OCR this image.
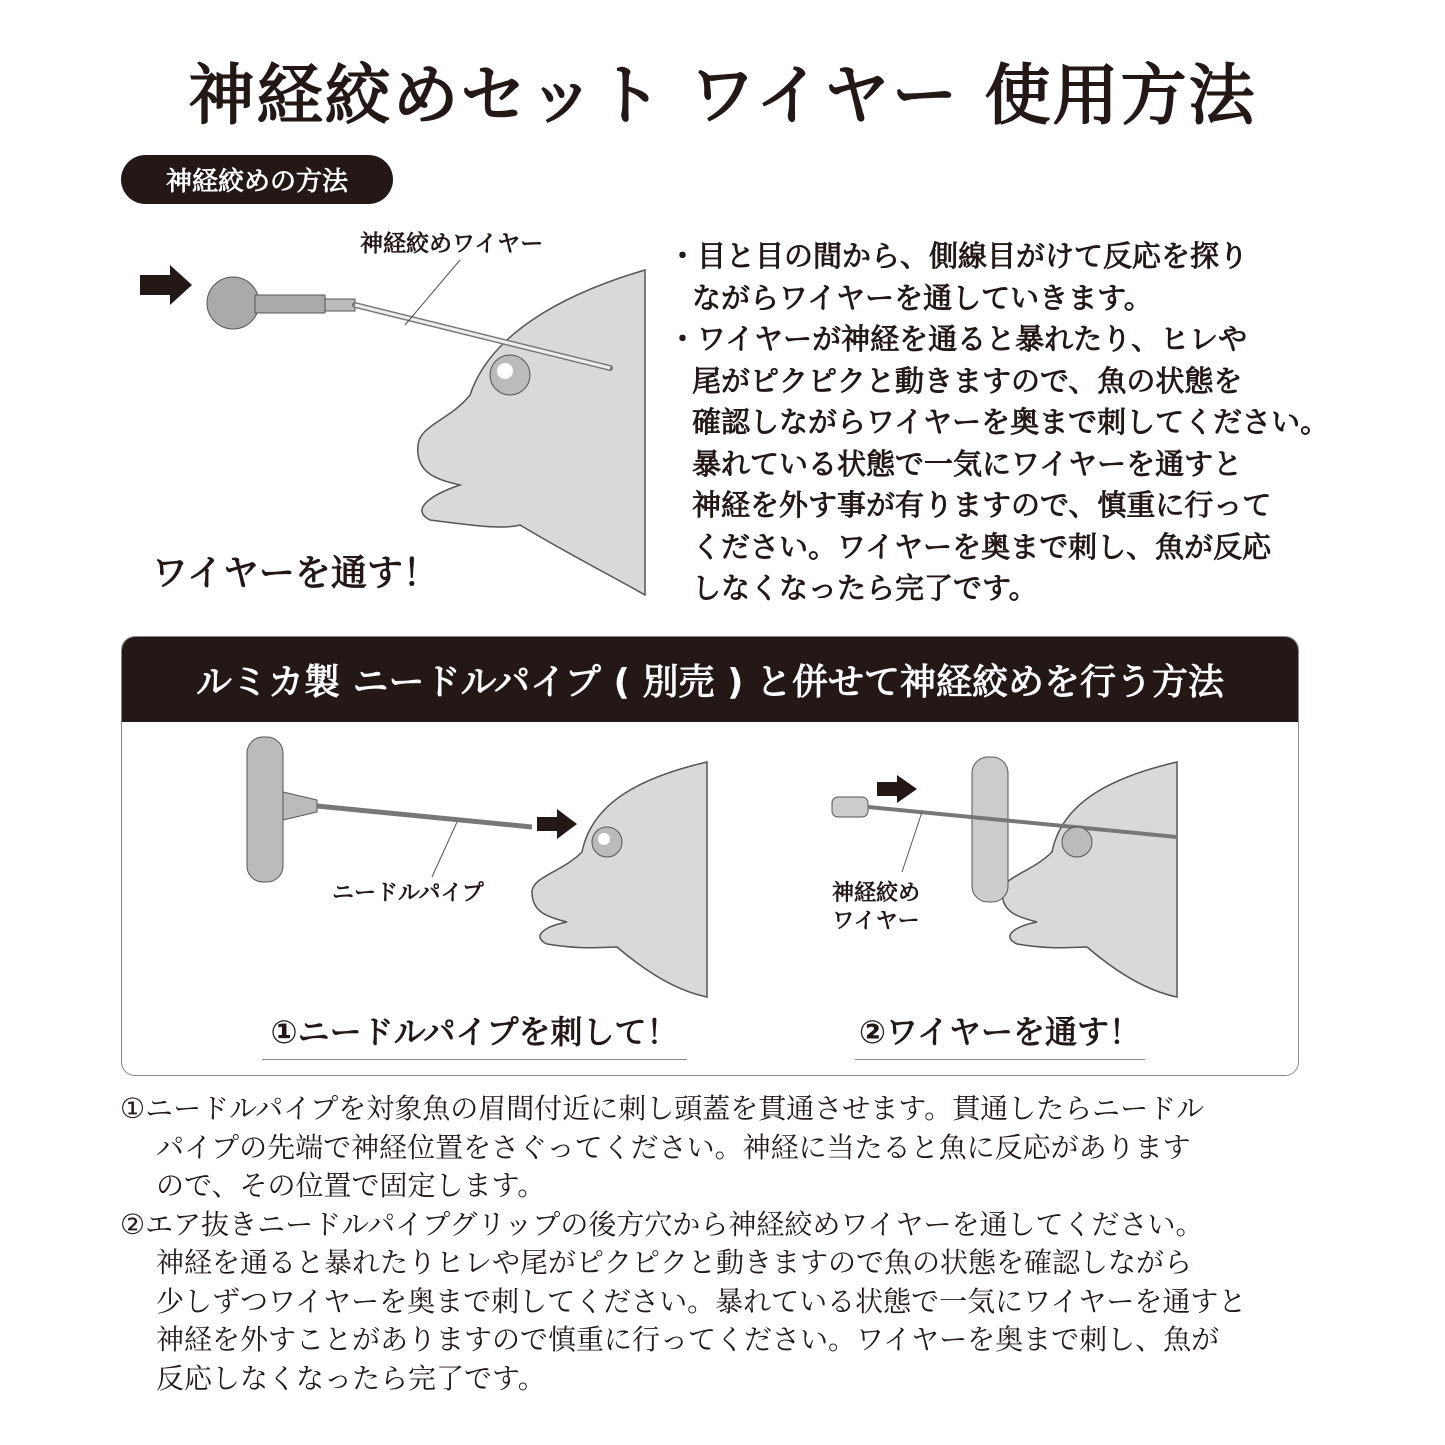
神経絞めセット ワイヤー 使用方法
神経絞めの方法
神経絞めワイヤー
ワイヤーを通す！
・目と目の間から、側線目がけて反応を探り
ながらワイヤーを通していきます。
・ワイヤーが神経を通ると暴れたり、ヒレや
尾がピクピクと動きますので、魚の状態を
確認しながらワイヤーを奥まで刺してください。
暴れている状態で一気にワイヤーを通すと
神経を外す事が有りますので、慎重に行って
ください。ワイヤーを奥まで刺し、魚が反応
しなくなったら完了です。
ルミカ製 ニードルパイプ ( 別売 ) と併せて神経絞めを行う方法
ニードルパイプ	神経絞め
ワイヤー
①ニードルパイプを刺して！	②ワイヤーを通す！
①ニードルパイプを対象魚の眉間付近に刺し頭蓋を貫通させます。貫通したらニードル
パイプの先端で神経位置をさぐってください。神経に当たると魚に反応があります
ので、その位置で固定します。
②エア抜きニードルパイプグリップの後方穴から神経絞めワイヤーを通してください。
神経を通ると暴れたりヒレや尾がピクピクと動きますので魚の状態を確認しながら
少しずつワイヤーを奥まで刺してください。暴れている状態で一気にワイヤーを通すと
神経を外すことがありますので慎重に行ってください。ワイヤーを奥まで刺し、魚が
反応しなくなったら完了です。
